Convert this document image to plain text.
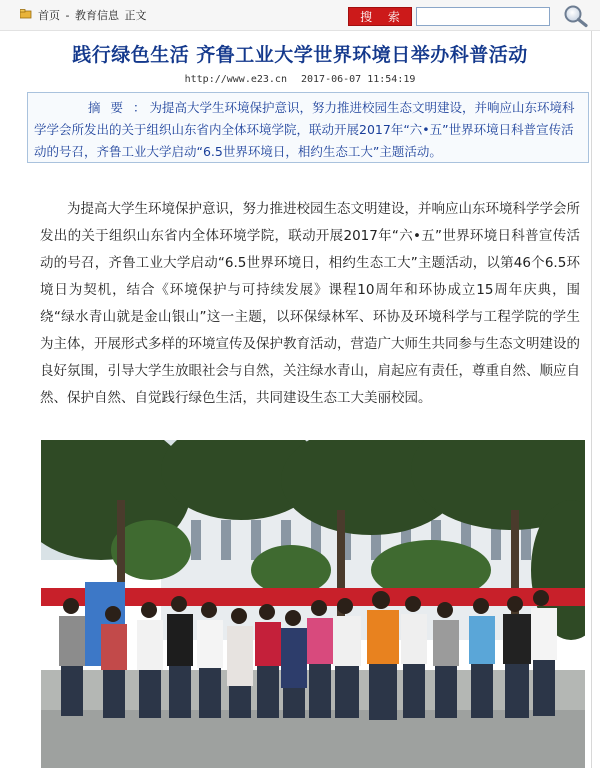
首页 - 教育信息 正文	搜 索
践行绿色生活 齐鲁工业大学世界环境日举办科普活动
http://www.e23.cn 2017-06-07 11:54:19
摘要：为提高大学生环境保护意识，努力推进校园生态文明建设，并响应山东环境科学学会所发出的关于组织山东省内全体环境学院，联动开展2017年“六•五”世界环境日科普宣传活动的号召，齐鲁工业大学启动“6.5世界环境日，相约生态工大”主题活动。
为提高大学生环境保护意识，努力推进校园生态文明建设，并响应山东环境科学学会所发出的关于组织山东省内全体环境学院，联动开展2017年“六•五”世界环境日科普宣传活动的号召，齐鲁工业大学启动“6.5世界环境日，相约生态工大”主题活动，以第46个6.5环境日为契机，结合《环境保护与可持续发展》课程10周年和环协成立15周年庆典，围绕“绿水青山就是金山银山”这一主题，以环保绿林军、环协及环境科学与工程学院的学生为主体，开展形式多样的环境宣传及保护教育活动，营造广大师生共同参与生态文明建设的良好氛围，引导大学生放眼社会与自然，关注绿水青山，肩起应有责任，尊重自然、顺应自然、保护自然、自觉践行绿色生活，共同建设生态工大美丽校园。
